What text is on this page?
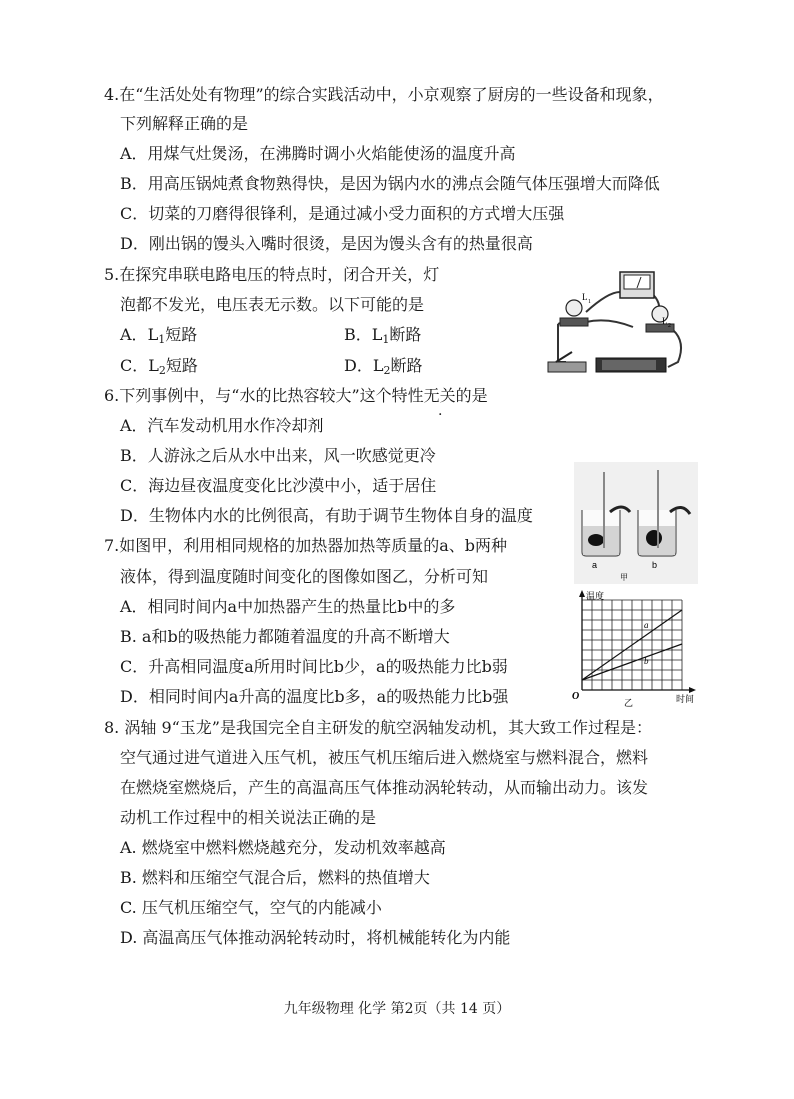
4.在“生活处处有物理”的综合实践活动中，小京观察了厨房的一些设备和现象，
下列解释正确的是
A．用煤气灶煲汤，在沸腾时调小火焰能使汤的温度升高
B．用高压锅炖煮食物熟得快，是因为锅内水的沸点会随气体压强增大而降低
C．切菜的刀磨得很锋利，是通过减小受力面积的方式增大压强
D．刚出锅的馒头入嘴时很烫，是因为馒头含有的热量很高
5.在探究串联电路电压的特点时，闭合开关，灯
泡都不发光，电压表无示数。以下可能的是
A．$L_1$短路	B．$L_1$断路
C．$L_2$短路	D．$L_2$断路
L 1
L 2
6.下列事例中，与“水的比热容较大”这个特性无关的是
A．汽车发动机用水作冷却剂
B．人游泳之后从水中出来，风一吹感觉更冷
C．海边昼夜温度变化比沙漠中小，适于居住
D．生物体内水的比例很高，有助于调节生物体自身的温度
a	b
甲
7.如图甲，利用相同规格的加热器加热等质量的a、b两种
液体，得到温度随时间变化的图像如图乙，分析可知
A．相同时间内a中加热器产生的热量比b中的多
B. a和b的吸热能力都随着温度的升高不断增大
C．升高相同温度a所用时间比b少，a的吸热能力比b弱
D．相同时间内a升高的温度比b多，a的吸热能力比b强
a
b
温度
时间
O
乙
8. 涡轴 9“玉龙”是我国完全自主研发的航空涡轴发动机，其大致工作过程是：
空气通过进气道进入压气机，被压气机压缩后进入燃烧室与燃料混合，燃料
在燃烧室燃烧后，产生的高温高压气体推动涡轮转动，从而输出动力。该发
动机工作过程中的相关说法正确的是
A. 燃烧室中燃料燃烧越充分，发动机效率越高
B. 燃料和压缩空气混合后，燃料的热值增大
C. 压气机压缩空气，空气的内能减小
D. 高温高压气体推动涡轮转动时，将机械能转化为内能
九年级物理 化学 第2页（共 14 页）
